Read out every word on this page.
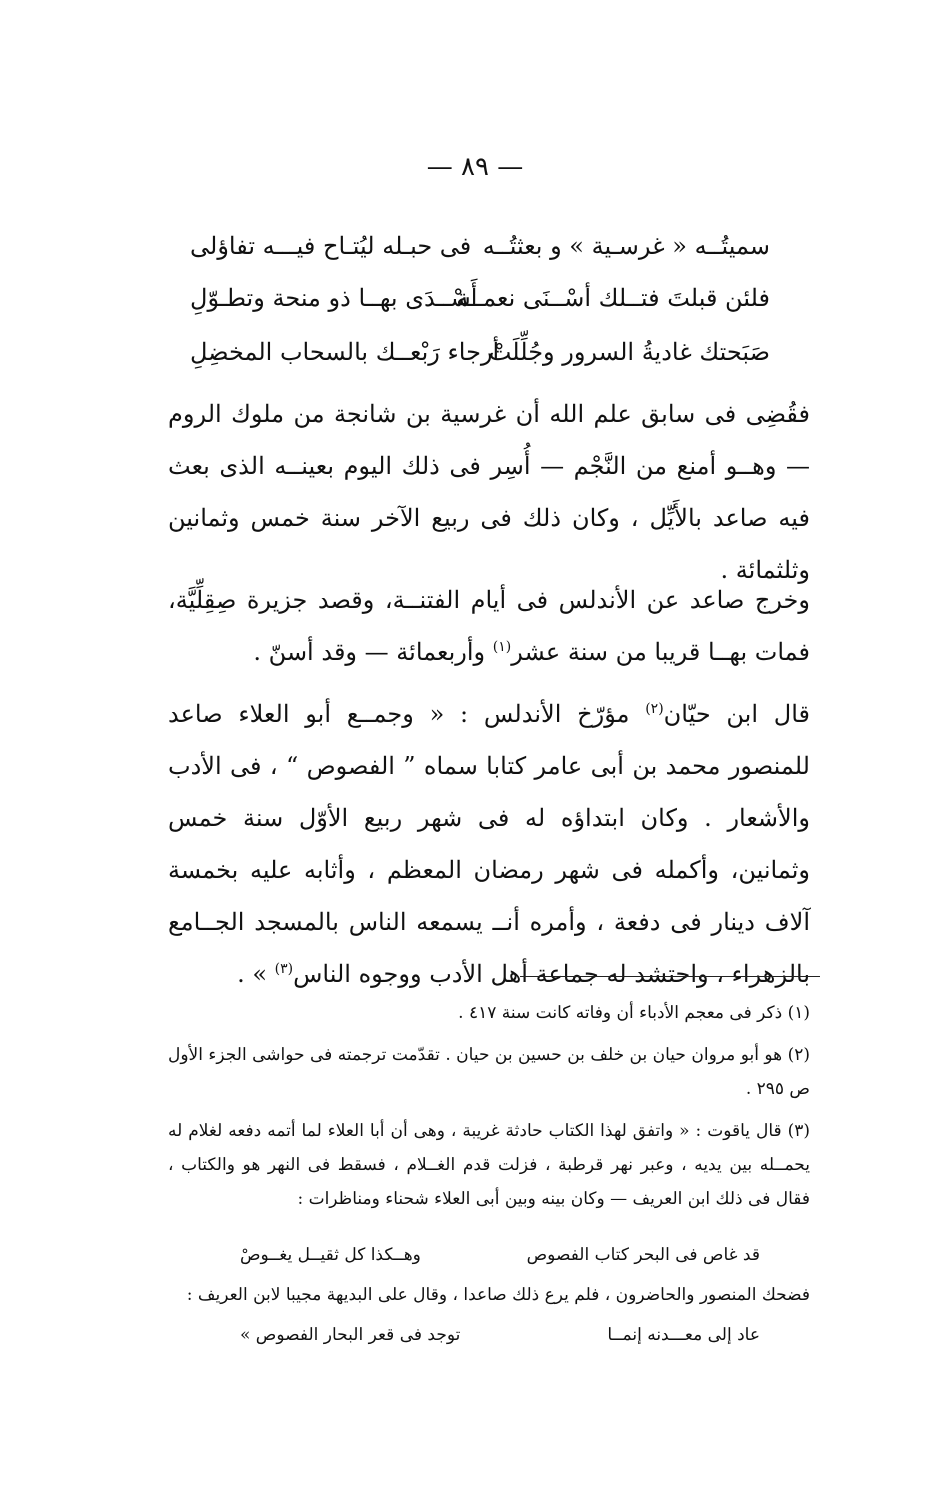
— ٨٩ —
سميتُــه « غرسـية » و بعثتُــه
فى حبـله ليُتـاح فيـــه تفاؤلى
فلئن قبلتَ فتــلك أسْــنَى نعمــة
أَسْــدَى بهــا ذو منحة وتطـوّلِ
صَبَحتك غاديةُ السرور وجُلِّلَتْ
أرجاء رَبْعــك بالسحاب المخضِلِ

فقُضِى فى سابق علم الله أن غرسية بن شانجة من ملوك الروم — وهــو أمنع من النَّجْم — أُسِر فى ذلك اليوم بعينــه الذى بعث فيه صاعد بالأَيِّل ، وكان ذلك فى ربيع الآخر سنة خمس وثمانين وثلثمائة .

وخرج صاعد عن الأندلس فى أيام الفتنــة، وقصد جزيرة صِقِلِّيَّة، فمات بهــا قريبا من سنة عشر$^{(١)}$ وأربعمائة — وقد أسنّ .

قال ابن حيّان$^{(٢)}$ مؤرّخ الأندلس : « وجمــع أبو العلاء صاعد للمنصور محمد بن أبى عامر كتابا سماه ” الفصوص “ ، فى الأدب والأشعار . وكان ابتداؤه له فى شهر ربيع الأوّل سنة خمس وثمانين، وأكمله فى شهر رمضان المعظم ، وأثابه عليه بخمسة آلاف دينار فى دفعة ، وأمره أنــ يسمعه الناس بالمسجد الجــامع بالزهراء ، واحتشد له جماعة أهل الأدب ووجوه الناس$^{(٣)}$ » .

(١) ذكر فى معجم الأدباء أن وفاته كانت سنة ٤١٧ .

(٢) هو أبو مروان حيان بن خلف بن حسين بن حيان . تقدّمت ترجمته فى حواشى الجزء الأول ص ٢٩٥ .

(٣) قال ياقوت : « واتفق لهذا الكتاب حادثة غريبة ، وهى أن أبا العلاء لما أتمه دفعه لغلام له يحمــله بين يديه ، وعبر نهر قرطبة ، فزلت قدم الغــلام ، فسقط فى النهر هو والكتاب ، فقال فى ذلك ابن العريف — وكان بينه وبين أبى العلاء شحناء ومناظرات :

قد غاص فى البحر كتاب الفصوص
وهــكذا كل ثقيــل يغــوصْ

فضحك المنصور والحاضرون ، فلم يرع ذلك صاعدا ، وقال على البديهة مجيبا لابن العريف :

عاد إلى معـــدنه إنمــا
توجد فى قعر البحار الفصوص »
